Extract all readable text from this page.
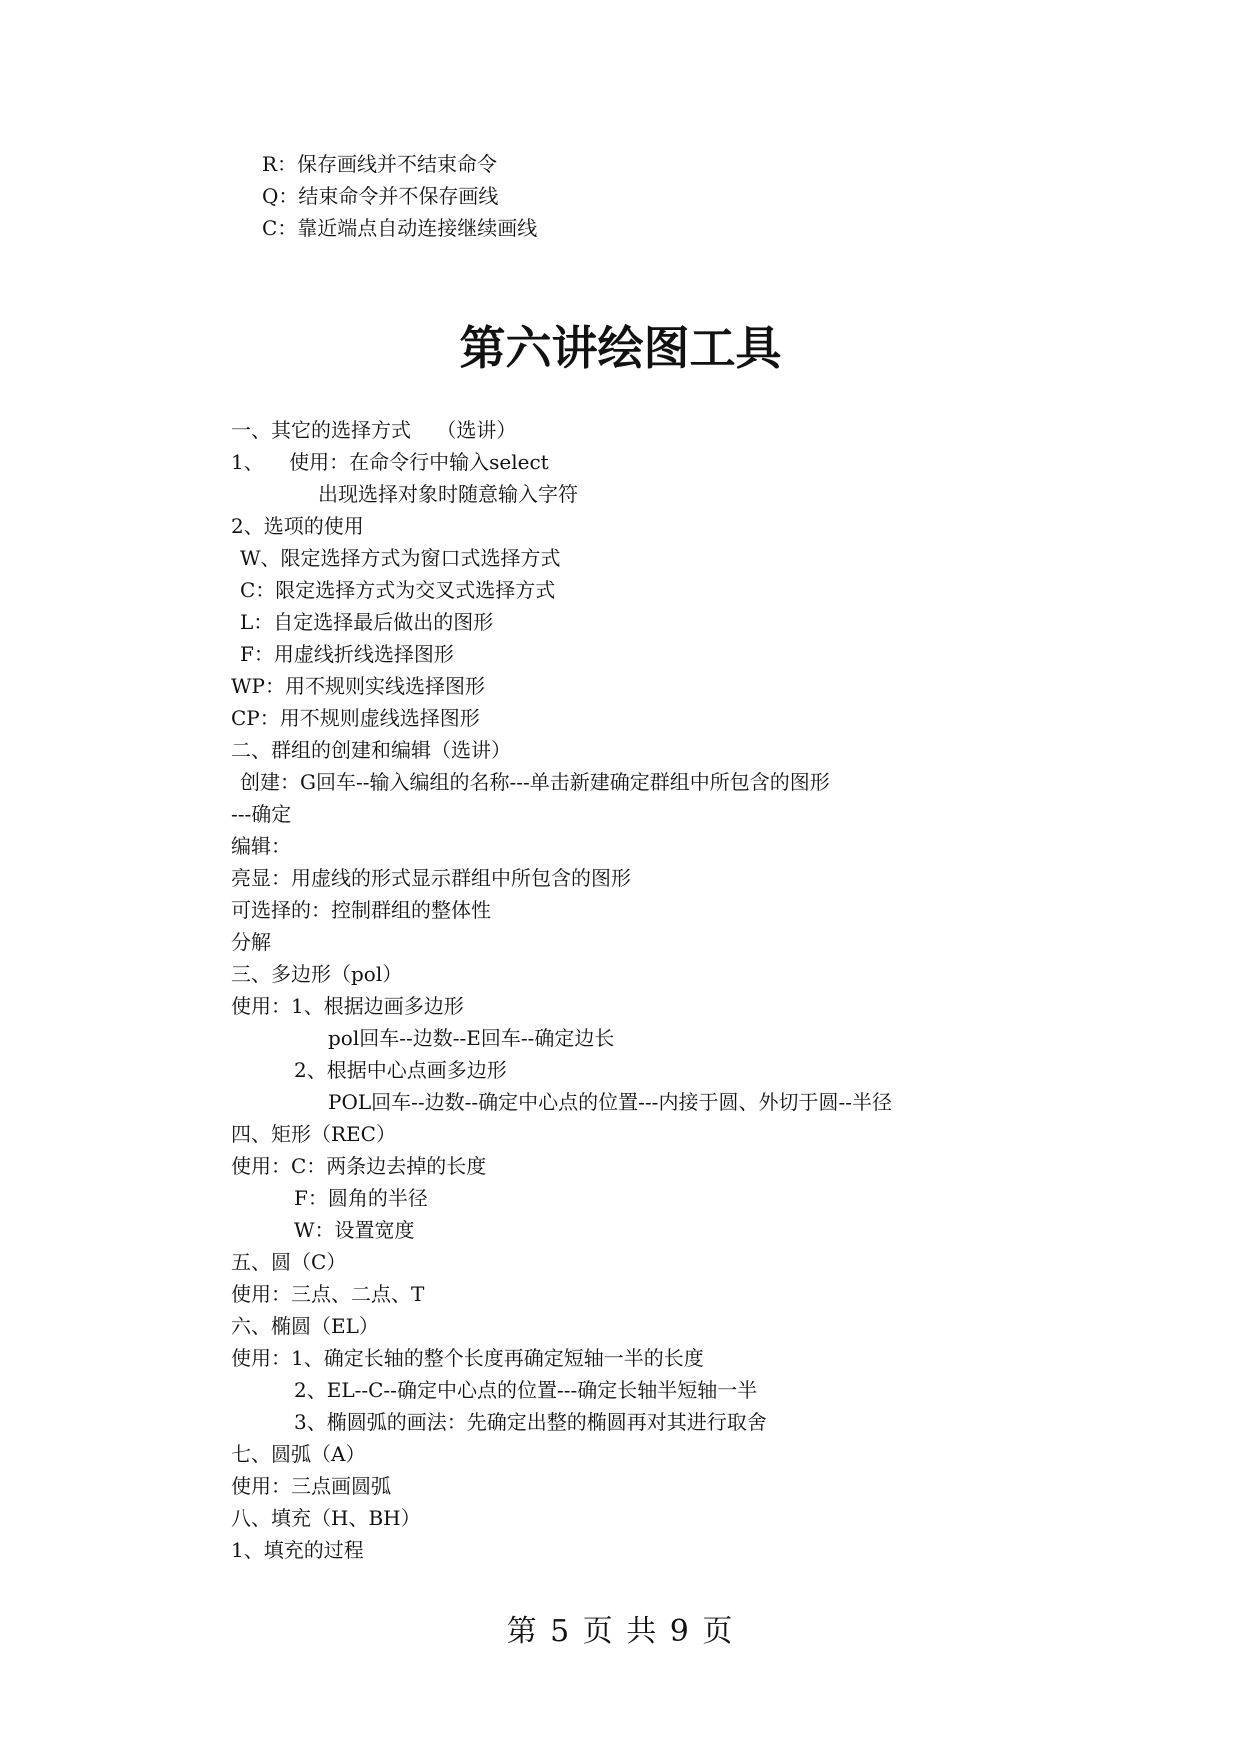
R：保存画线并不结束命令
Q：结束命令并不保存画线
C：靠近端点自动连接继续画线
第六讲绘图工具
一、其它的选择方式    （选讲）
1、    使用：在命令行中输入select
出现选择对象时随意输入字符
2、选项的使用
W、限定选择方式为窗口式选择方式
C：限定选择方式为交叉式选择方式
L：自定选择最后做出的图形
F：用虚线折线选择图形
WP：用不规则实线选择图形
CP：用不规则虚线选择图形
二、群组的创建和编辑（选讲）
创建：G回车--输入编组的名称---单击新建确定群组中所包含的图形
---确定
编辑：
亮显：用虚线的形式显示群组中所包含的图形
可选择的：控制群组的整体性
分解
三、多边形（pol）
使用：1、根据边画多边形
pol回车--边数--E回车--确定边长
2、根据中心点画多边形
POL回车--边数--确定中心点的位置---内接于圆、外切于圆--半径
四、矩形（REC）
使用：C：两条边去掉的长度
F：圆角的半径
W：设置宽度
五、圆（C）
使用：三点、二点、T
六、椭圆（EL）
使用：1、确定长轴的整个长度再确定短轴一半的长度
2、EL--C--确定中心点的位置---确定长轴半短轴一半
3、椭圆弧的画法：先确定出整的椭圆再对其进行取舍
七、圆弧（A）
使用：三点画圆弧
八、填充（H、BH）
1、填充的过程
第 5 页 共 9 页
